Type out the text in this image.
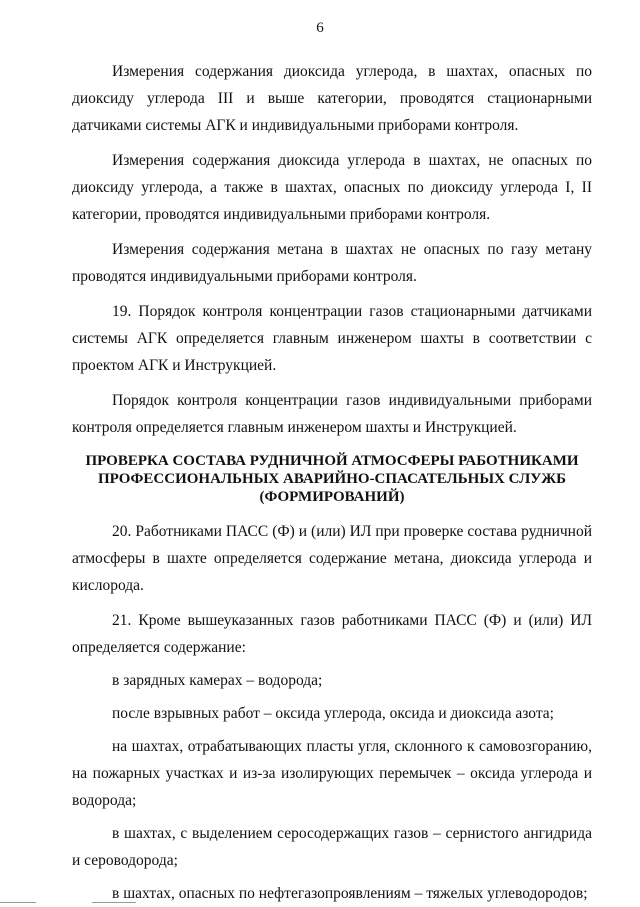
6

Измерения содержания диоксида углерода, в шахтах, опасных по диоксиду углерода III и выше категории, проводятся стационарными датчиками системы АГК и индивидуальными приборами контроля.

Измерения содержания диоксида углерода в шахтах, не опасных по диоксиду углерода, а также в шахтах, опасных по диоксиду углерода I, II категории, проводятся индивидуальными приборами контроля.

Измерения содержания метана в шахтах не опасных по газу метану проводятся индивидуальными приборами контроля.

19. Порядок контроля концентрации газов стационарными датчиками системы АГК определяется главным инженером шахты в соответствии с проектом АГК и Инструкцией.

Порядок контроля концентрации газов индивидуальными приборами контроля определяется главным инженером шахты и Инструкцией.

ПРОВЕРКА СОСТАВА РУДНИЧНОЙ АТМОСФЕРЫ РАБОТНИКАМИ
ПРОФЕССИОНАЛЬНЫХ АВАРИЙНО-СПАСАТЕЛЬНЫХ СЛУЖБ
(ФОРМИРОВАНИЙ)

20. Работниками ПАСС (Ф) и (или) ИЛ при проверке состава рудничной атмосферы в шахте определяется содержание метана, диоксида углерода и кислорода.

21. Кроме вышеуказанных газов работниками ПАСС (Ф) и (или) ИЛ определяется содержание:

в зарядных камерах – водорода;

после взрывных работ – оксида углерода, оксида и диоксида азота;

на шахтах, отрабатывающих пласты угля, склонного к самовозгоранию, на пожарных участках и из-за изолирующих перемычек – оксида углерода и водорода;

в шахтах, с выделением серосодержащих газов – сернистого ангидрида и сероводорода;

в шахтах, опасных по нефтегазопроявлениям – тяжелых углеводородов;
